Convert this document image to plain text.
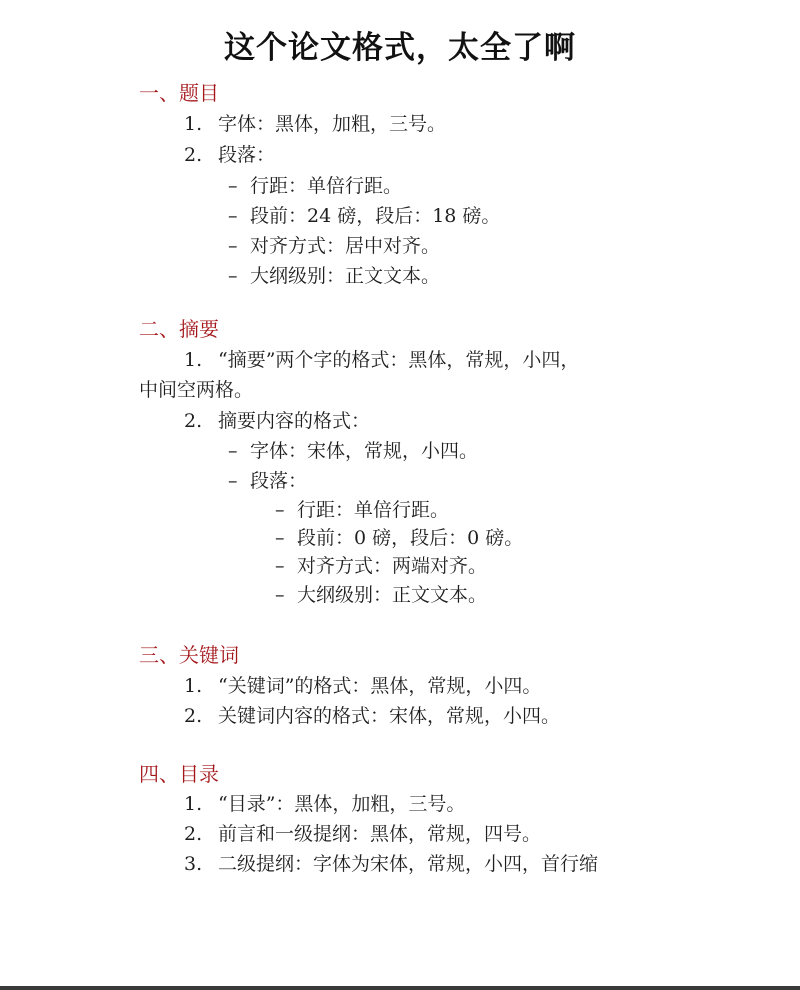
这个论文格式，太全了啊
一、题目
1. 字体：黑体，加粗，三号。
2. 段落：
– 行距：单倍行距。
– 段前：24 磅，段后：18 磅。
– 对齐方式：居中对齐。
– 大纲级别：正文文本。
二、摘要
1. “摘要”两个字的格式：黑体，常规，小四，
中间空两格。
2. 摘要内容的格式：
– 字体：宋体，常规，小四。
– 段落：
– 行距：单倍行距。
– 段前：0 磅，段后：0 磅。
– 对齐方式：两端对齐。
– 大纲级别：正文文本。
三、关键词
1. “关键词”的格式：黑体，常规，小四。
2. 关键词内容的格式：宋体，常规，小四。
四、目录
1. “目录”：黑体，加粗，三号。
2. 前言和一级提纲：黑体，常规，四号。
3. 二级提纲：字体为宋体，常规，小四，首行缩
